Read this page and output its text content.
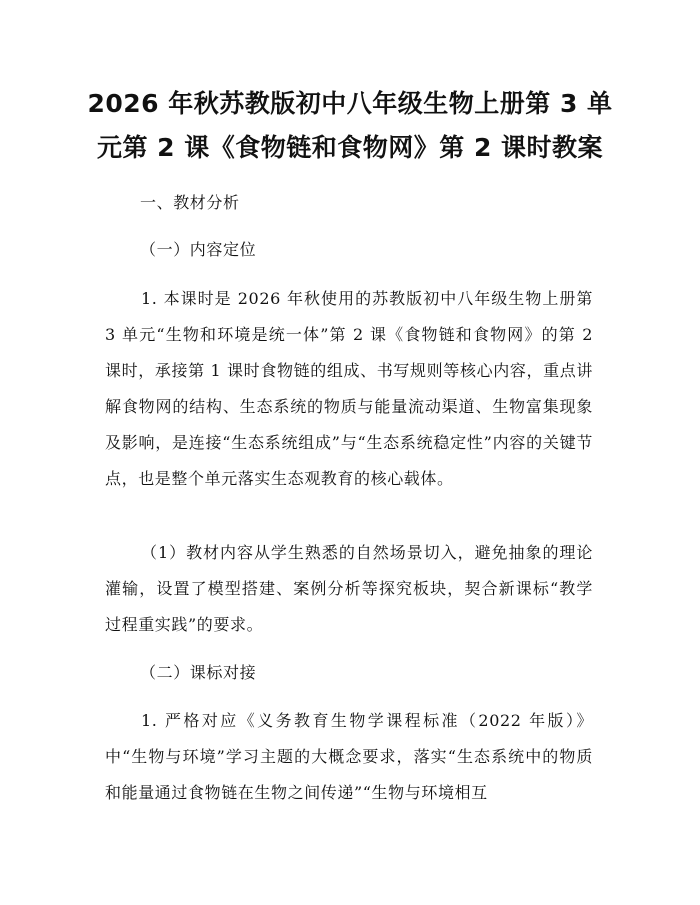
2026 年秋苏教版初中八年级生物上册第 3 单
元第 2 课《食物链和食物网》第 2 课时教案

一、教材分析

（一）内容定位

1. 本课时是 2026 年秋使用的苏教版初中八年级生物上册第 3 单元“生物和环境是统一体”第 2 课《食物链和食物网》的第 2 课时，承接第 1 课时食物链的组成、书写规则等核心内容，重点讲解食物网的结构、生态系统的物质与能量流动渠道、生物富集现象及影响，是连接“生态系统组成”与“生态系统稳定性”内容的关键节点，也是整个单元落实生态观教育的核心载体。

（1）教材内容从学生熟悉的自然场景切入，避免抽象的理论灌输，设置了模型搭建、案例分析等探究板块，契合新课标“教学过程重实践”的要求。

（二）课标对接

1. 严格对应《义务教育生物学课程标准（2022 年版）》中“生物与环境”学习主题的大概念要求，落实“生态系统中的物质和能量通过食物链在生物之间传递”“生物与环境相互
